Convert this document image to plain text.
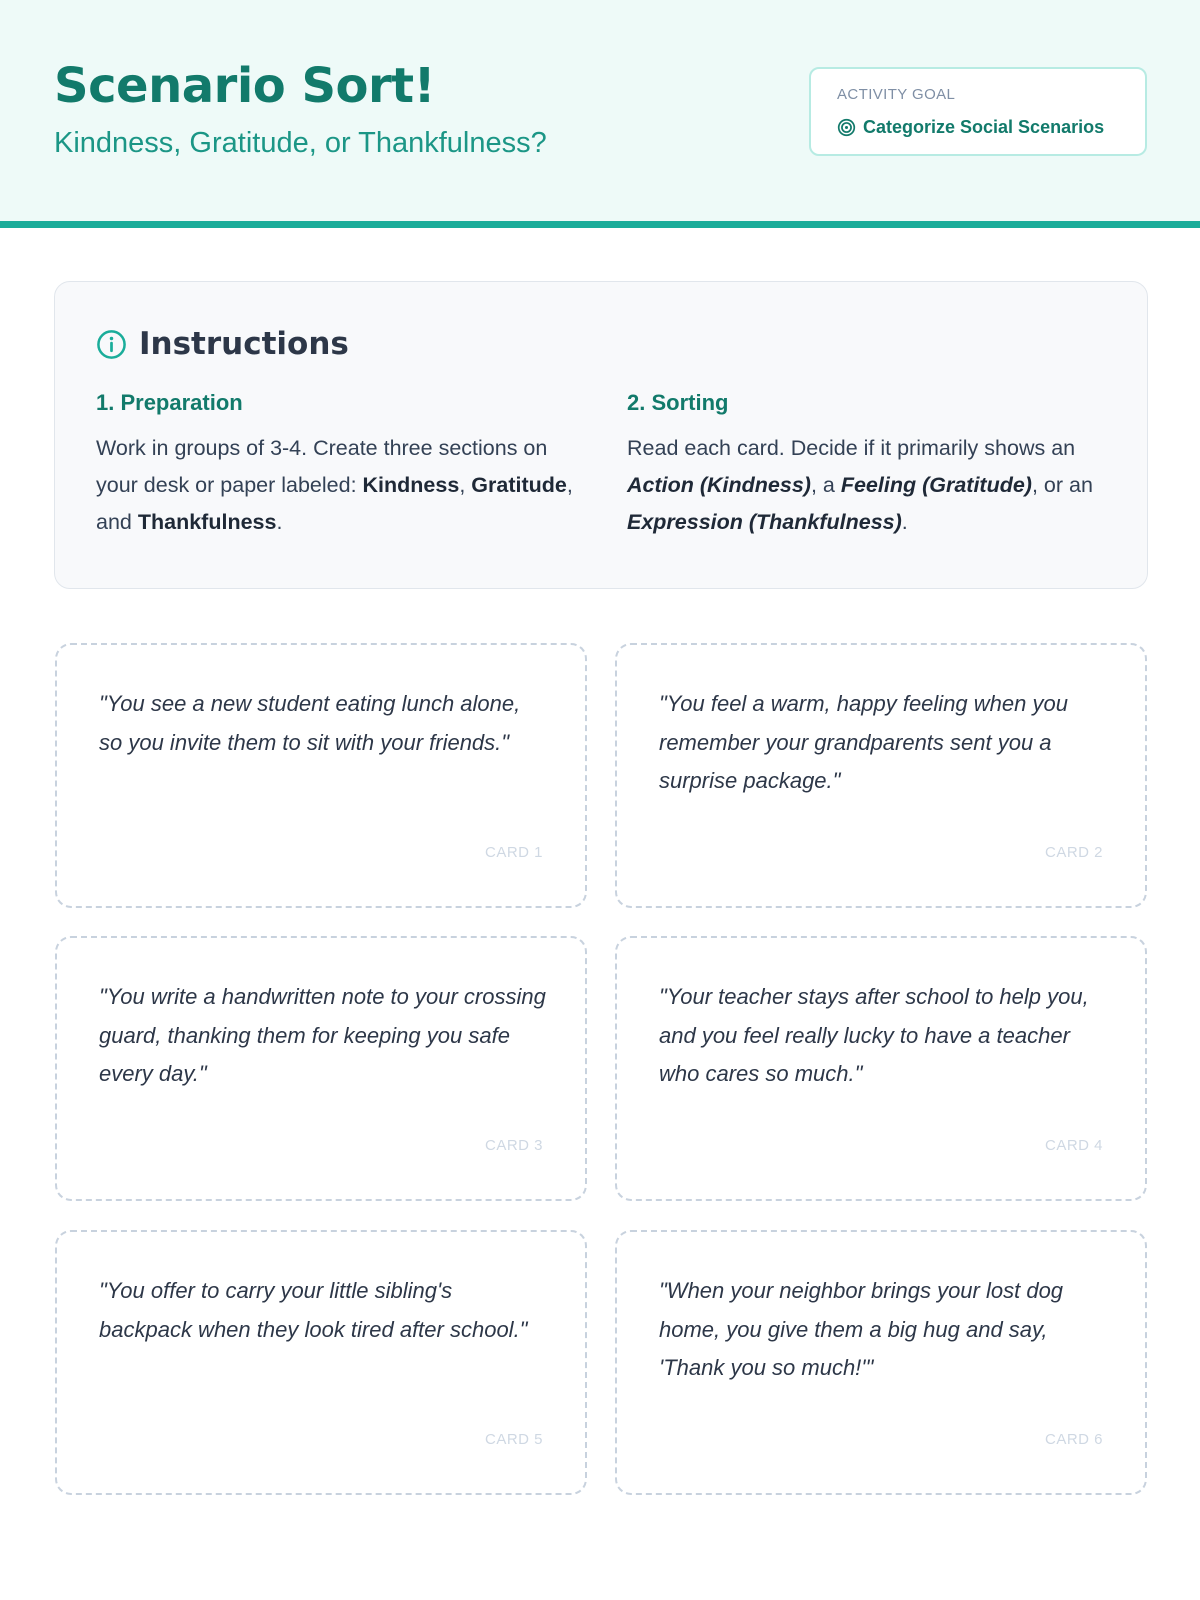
Scenario Sort!
Kindness, Gratitude, or Thankfulness?
ACTIVITY GOAL
Categorize Social Scenarios
Instructions
1. Preparation
Work in groups of 3-4. Create three sections on your desk or paper labeled: Kindness, Gratitude, and Thankfulness.
2. Sorting
Read each card. Decide if it primarily shows an Action (Kindness), a Feeling (Gratitude), or an Expression (Thankfulness).
"You see a new student eating lunch alone, so you invite them to sit with your friends."
CARD 1
"You feel a warm, happy feeling when you remember your grandparents sent you a surprise package."
CARD 2
"You write a handwritten note to your crossing guard, thanking them for keeping you safe every day."
CARD 3
"Your teacher stays after school to help you, and you feel really lucky to have a teacher who cares so much."
CARD 4
"You offer to carry your little sibling's backpack when they look tired after school."
CARD 5
"When your neighbor brings your lost dog home, you give them a big hug and say, 'Thank you so much!'"
CARD 6
